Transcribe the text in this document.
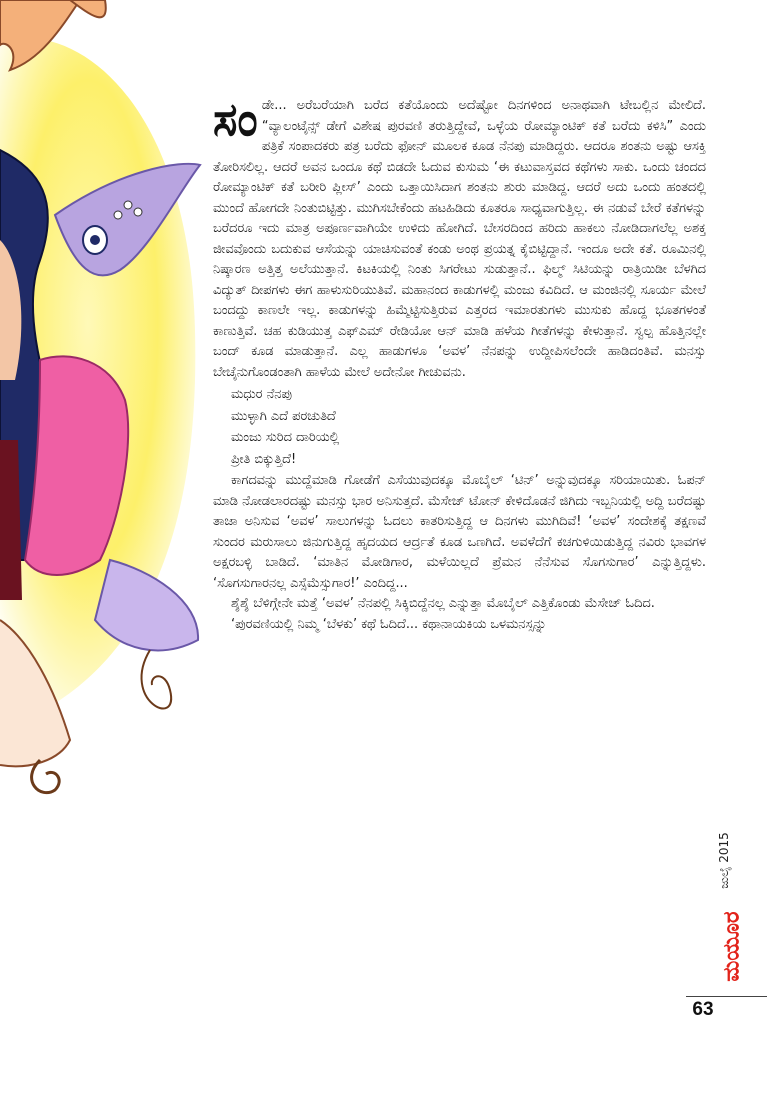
ಸಂಡೇ... ಅರೆಬರೆಯಾಗಿ ಬರೆದ ಕತೆಯೊಂದು ಅದೆಷ್ಟೋ ದಿನಗಳಿಂದ ಅನಾಥವಾಗಿ ಟೇಬಲ್ಲಿನ ಮೇಲಿದೆ. “ವ್ಯಾಲಂಟೈನ್ಸ್ ಡೇಗೆ ವಿಶೇಷ ಪುರವಣಿ ತರುತ್ತಿದ್ದೇವೆ, ಒಳ್ಳೆಯ ರೋಮ್ಯಾಂಟಿಕ್ ಕತೆ ಬರೆದು ಕಳಿಸಿ” ಎಂದು ಪತ್ರಿಕೆ ಸಂಪಾದಕರು ಪತ್ರ ಬರೆದು ಫೋನ್ ಮೂಲಕ ಕೂಡ ನೆನಪು ಮಾಡಿದ್ದರು. ಆದರೂ ಶಂತನು ಅಷ್ಟು ಆಸಕ್ತಿ ತೋರಿಸಲಿಲ್ಲ. ಆದರೆ ಅವನ ಒಂದೂ ಕಥೆ ಬಿಡದೇ ಓದುವ ಕುಸುಮ ‘ಈ ಕಟುವಾಸ್ತವದ ಕಥೆಗಳು ಸಾಕು. ಒಂದು ಚಂದದ ರೋಮ್ಯಾಂಟಿಕ್ ಕತೆ ಬರೀರಿ ಪ್ಲೀಸ್’ ಎಂದು ಒತ್ತಾಯಿಸಿದಾಗ ಶಂತನು ಶುರು ಮಾಡಿದ್ದ. ಆದರೆ ಅದು ಒಂದು ಹಂತದಲ್ಲಿ ಮುಂದೆ ಹೋಗದೇ ನಿಂತುಬಿಟ್ಟಿತ್ತು. ಮುಗಿಸಬೇಕೆಂದು ಹಟಹಿಡಿದು ಕೂತರೂ ಸಾಧ್ಯವಾಗುತ್ತಿಲ್ಲ. ಈ ನಡುವೆ ಬೇರೆ ಕತೆಗಳನ್ನು ಬರೆದರೂ ಇದು ಮಾತ್ರ ಅಪೂರ್ಣವಾಗಿಯೇ ಉಳಿದು ಹೋಗಿದೆ. ಬೇಸರದಿಂದ ಹರಿದು ಹಾಕಲು ನೋಡಿದಾಗಲೆಲ್ಲ ಅಶಕ್ತ ಜೀವವೊಂದು ಬದುಕುವ ಆಸೆಯನ್ನು ಯಾಚಿಸುವಂತೆ ಕಂಡು ಅಂಥ ಪ್ರಯತ್ನ ಕೈಬಿಟ್ಟಿದ್ದಾನೆ. ಇಂದೂ ಅದೇ ಕತೆ. ರೂಮಿನಲ್ಲಿ ನಿಷ್ಕಾರಣ ಅತ್ತಿತ್ತ ಅಲೆಯುತ್ತಾನೆ. ಕಿಟಕಿಯಲ್ಲಿ ನಿಂತು ಸಿಗರೇಟು ಸುಡುತ್ತಾನೆ.. ಫಿಲ್ಮ್ ಸಿಟಿಯನ್ನು ರಾತ್ರಿಯಿಡೀ ಬೆಳಗಿದ ವಿದ್ಯುತ್ ದೀಪಗಳು ಈಗ ಹಾಳುಸುರಿಯುತಿವೆ. ಮಹಾನಂದ ಕಾಡುಗಳಲ್ಲಿ ಮಂಜು ಕವಿದಿದೆ. ಆ ಮಂಜಿನಲ್ಲಿ ಸೂರ್ಯ ಮೇಲೆ ಬಂದದ್ದು ಕಾಣಲೇ ಇಲ್ಲ. ಕಾಡುಗಳನ್ನು ಹಿಮ್ಮೆಟ್ಟಿಸುತ್ತಿರುವ ಎತ್ತರದ ಇಮಾರತುಗಳು ಮುಸುಕು ಹೊದ್ದ ಭೂತಗಳಂತೆ ಕಾಣುತ್ತಿವೆ. ಚಹ ಕುಡಿಯುತ್ತ ಎಫ್‌ಎಮ್ ರೇಡಿಯೋ ಆನ್ ಮಾಡಿ ಹಳೆಯ ಗೀತೆಗಳನ್ನು ಕೇಳುತ್ತಾನೆ. ಸ್ವಲ್ಪ ಹೊತ್ತಿನಲ್ಲೇ ಬಂದ್ ಕೂಡ ಮಾಡುತ್ತಾನೆ. ಎಲ್ಲ ಹಾಡುಗಳೂ ‘ಅವಳ’ ನೆನಪನ್ನು ಉದ್ದೀಪಿಸಲೆಂದೇ ಹಾಡಿದಂತಿವೆ. ಮನಸ್ಸು ಬೇಚೈನುಗೊಂಡಂತಾಗಿ ಹಾಳೆಯ ಮೇಲೆ ಅದೇನೋ ಗೀಚುವನು.

ಮಧುರ ನೆನಪು
ಮುಳ್ಳಾಗಿ ಎದೆ ಪರಚುತಿದೆ
ಮಂಜು ಸುರಿದ ದಾರಿಯಲ್ಲಿ
ಪ್ರೀತಿ ಬಿಕ್ಕುತ್ತಿದೆ!

ಕಾಗದವನ್ನು ಮುದ್ದೆಮಾಡಿ ಗೋಡೆಗೆ ಎಸೆಯುವುದಕ್ಕೂ ಮೊಬೈಲ್ ‘ಟಿನ್’ ಅನ್ನುವುದಕ್ಕೂ ಸರಿಯಾಯಿತು. ಓಪನ್ ಮಾಡಿ ನೋಡಲಾರದಷ್ಟು ಮನಸ್ಸು ಭಾರ ಅನಿಸುತ್ತದೆ. ಮೆಸೇಜ್ ಟೋನ್ ಕೇಳಿದೊಡನೆ ಜಿಗಿದು ಇಬ್ಬನಿಯಲ್ಲಿ ಅದ್ದಿ ಬರೆದಷ್ಟು ತಾಜಾ ಅನಿಸುವ ‘ಅವಳ’ ಸಾಲುಗಳನ್ನು ಓದಲು ಕಾತರಿಸುತ್ತಿದ್ದ ಆ ದಿನಗಳು ಮುಗಿದಿವೆ! ‘ಅವಳ’ ಸಂದೇಶಕ್ಕೆ ತಕ್ಷಣವೆ ಸುಂದರ ಮರುಸಾಲು ಜಿನುಗುತ್ತಿದ್ದ ಹೃದಯದ ಆರ್ದ್ರತೆ ಕೂಡ ಒಣಗಿದೆ. ಅವಳೆದೆಗೆ ಕಚಗುಳಿಯಿಡುತ್ತಿದ್ದ ನವಿರು ಭಾವಗಳ ಅಕ್ಷರಬಳ್ಳಿ ಬಾಡಿದೆ. ‘ಮಾತಿನ ಮೋಡಿಗಾರ, ಮಳೆಯಿಲ್ಲದೆ ಪ್ರೆಮನ ನೆನೆಸುವ ಸೊಗಸುಗಾರ’ ಎನ್ನುತ್ತಿದ್ದಳು. ‘ಸೊಗಸುಗಾರನಲ್ಲ ಎಸ್ಸೆಮೆಸ್ಸುಗಾರ!’ ಎಂದಿದ್ದ...

ಶ್ಶೆಶ್ಶೆ ಬೆಳಿಗ್ಗೇನೇ ಮತ್ತೆ ‘ಅವಳ’ ನೆನಪಲ್ಲಿ ಸಿಕ್ಕಿಬಿದ್ದೆನಲ್ಲ ಎನ್ನುತ್ತಾ ಮೊಬೈಲ್ ಎತ್ತಿಕೊಂಡು ಮೆಸೇಜ್ ಓದಿದ.

‘ಪುರವಣಿಯಲ್ಲಿ ನಿಮ್ಮ ‘ಬೆಳಕು’ ಕಥೆ ಓದಿದೆ... ಕಥಾನಾಯಕಿಯ ಒಳಮನಸ್ಸನ್ನು

ಜುಲೈ 2015
ಮಯೂರ
63
